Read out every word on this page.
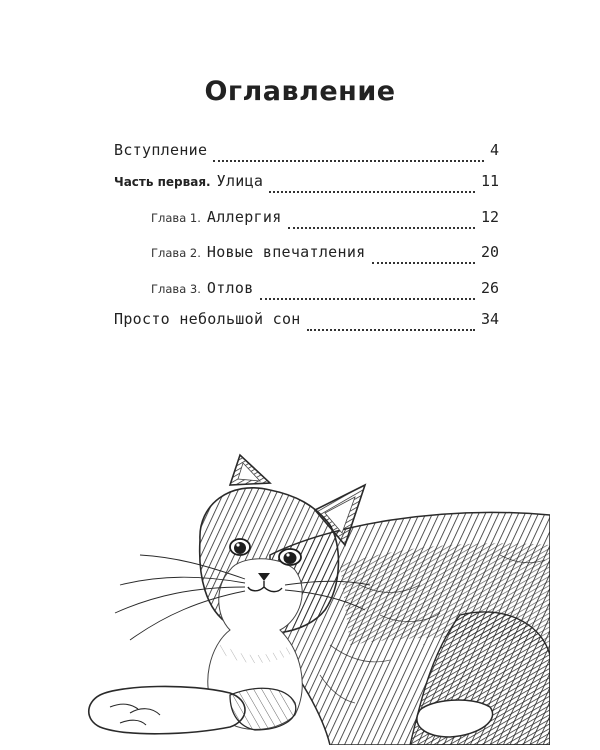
Оглавление
Вступление	4
Часть первая. Улица	11
Глава 1. Аллергия	12
Глава 2. Новые впечатления	20
Глава 3. Отлов	26
Просто небольшой сон	34
